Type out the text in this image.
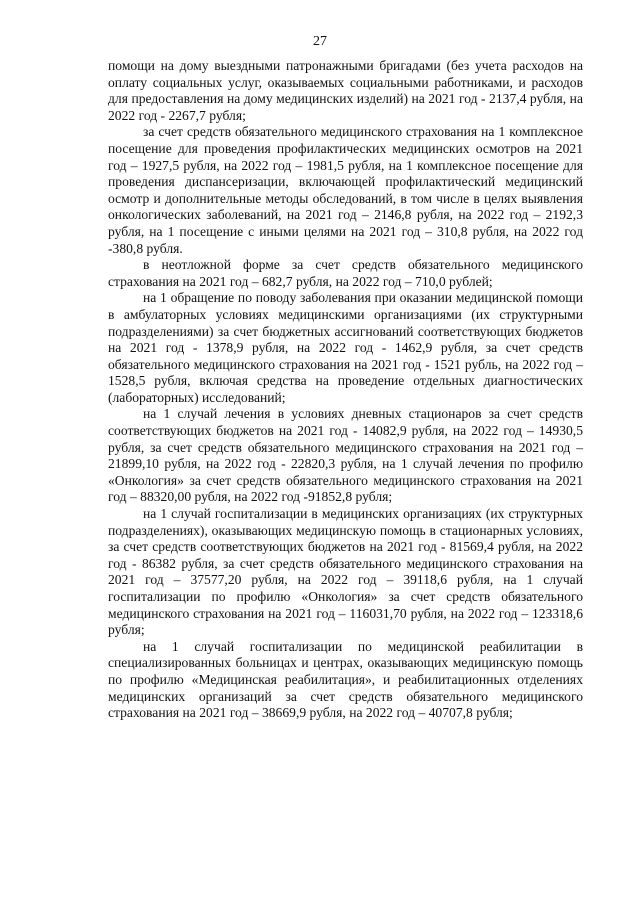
27

помощи на дому выездными патронажными бригадами (без учета расходов на оплату социальных услуг, оказываемых социальными работниками, и расходов для предоставления на дому медицинских изделий) на 2021 год - 2137,4 рубля, на 2022 год - 2267,7 рубля;

за счет средств обязательного медицинского страхования на 1 комплексное посещение для проведения профилактических медицинских осмотров на 2021 год – 1927,5 рубля, на 2022 год – 1981,5 рубля, на 1 комплексное посещение для проведения диспансеризации, включающей профилактический медицинский осмотр и дополнительные методы обследований, в том числе в целях выявления онкологических заболеваний, на 2021 год – 2146,8 рубля, на 2022 год – 2192,3 рубля, на 1 посещение с иными целями на 2021 год – 310,8 рубля, на 2022 год -380,8 рубля.

в неотложной форме за счет средств обязательного медицинского страхования на 2021 год – 682,7 рубля, на 2022 год – 710,0 рублей;

на 1 обращение по поводу заболевания при оказании медицинской помощи в амбулаторных условиях медицинскими организациями (их структурными подразделениями) за счет бюджетных ассигнований соответствующих бюджетов на 2021 год - 1378,9 рубля, на 2022 год - 1462,9 рубля, за счет средств обязательного медицинского страхования на 2021 год - 1521 рубль, на 2022 год – 1528,5 рубля, включая средства на проведение отдельных диагностических (лабораторных) исследований;

на 1 случай лечения в условиях дневных стационаров за счет средств соответствующих бюджетов на 2021 год - 14082,9 рубля, на 2022 год – 14930,5 рубля, за счет средств обязательного медицинского страхования на 2021 год – 21899,10 рубля, на 2022 год - 22820,3 рубля, на 1 случай лечения по профилю «Онкология» за счет средств обязательного медицинского страхования на 2021 год – 88320,00 рубля, на 2022 год -91852,8 рубля;

на 1 случай госпитализации в медицинских организациях (их структурных подразделениях), оказывающих медицинскую помощь в стационарных условиях, за счет средств соответствующих бюджетов на 2021 год - 81569,4 рубля, на 2022 год - 86382 рубля, за счет средств обязательного медицинского страхования на 2021 год – 37577,20 рубля, на 2022 год – 39118,6 рубля, на 1 случай госпитализации по профилю «Онкология» за счет средств обязательного медицинского страхования на 2021 год – 116031,70 рубля, на 2022 год – 123318,6 рубля;

на 1 случай госпитализации по медицинской реабилитации в специализированных больницах и центрах, оказывающих медицинскую помощь по профилю «Медицинская реабилитация», и реабилитационных отделениях медицинских организаций за счет средств обязательного медицинского страхования на 2021 год – 38669,9 рубля, на 2022 год – 40707,8 рубля;
